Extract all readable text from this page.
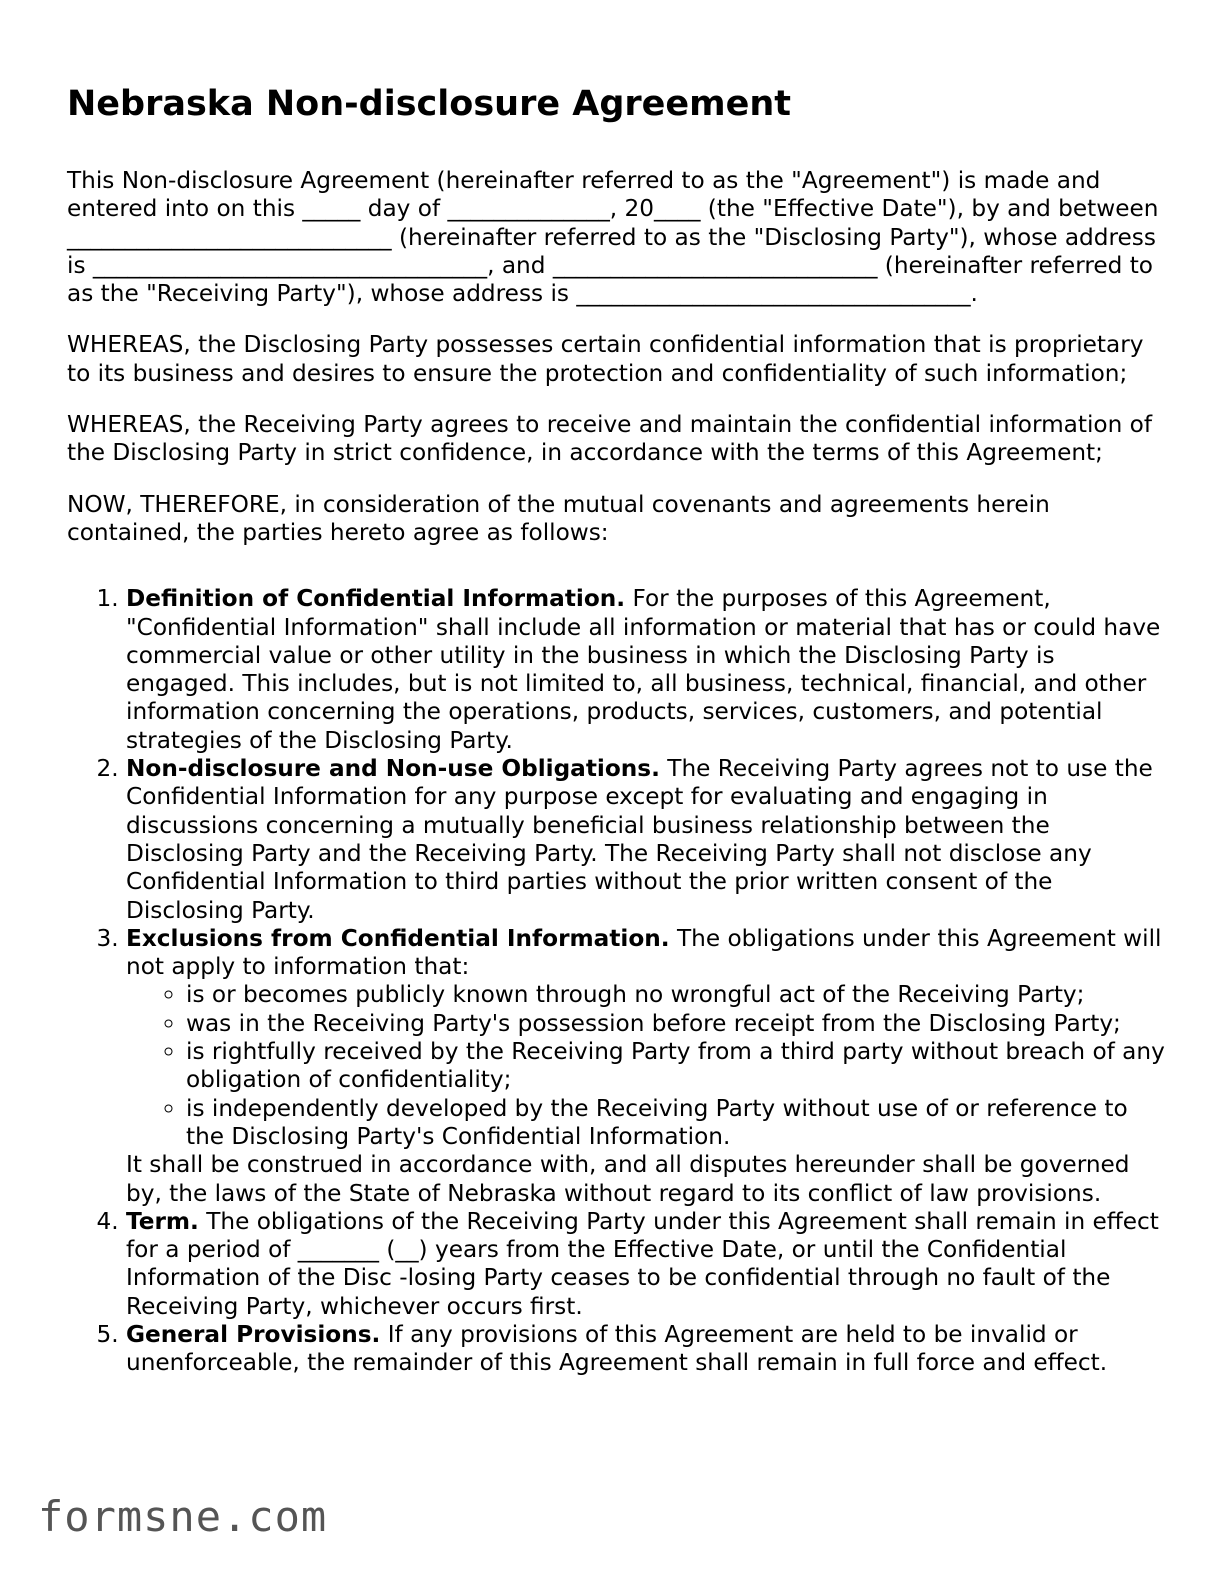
Nebraska Non-disclosure Agreement

This Non-disclosure Agreement (hereinafter referred to as the "Agreement") is made and entered into on this _____ day of ______________, 20____ (the "Effective Date"), by and between ____________________________ (hereinafter referred to as the "Disclosing Party"), whose address is __________________________________, and ____________________________ (hereinafter referred to as the "Receiving Party"), whose address is __________________________________.

WHEREAS, the Disclosing Party possesses certain confidential information that is proprietary to its business and desires to ensure the protection and confidentiality of such information;

WHEREAS, the Receiving Party agrees to receive and maintain the confidential information of the Disclosing Party in strict confidence, in accordance with the terms of this Agreement;

NOW, THEREFORE, in consideration of the mutual covenants and agreements herein contained, the parties hereto agree as follows:

1. Definition of Confidential Information. For the purposes of this Agreement, "Confidential Information" shall include all information or material that has or could have commercial value or other utility in the business in which the Disclosing Party is engaged. This includes, but is not limited to, all business, technical, financial, and other information concerning the operations, products, services, customers, and potential strategies of the Disclosing Party.
2. Non-disclosure and Non-use Obligations. The Receiving Party agrees not to use the Confidential Information for any purpose except for evaluating and engaging in discussions concerning a mutually beneficial business relationship between the Disclosing Party and the Receiving Party. The Receiving Party shall not disclose any Confidential Information to third parties without the prior written consent of the Disclosing Party.
3. Exclusions from Confidential Information. The obligations under this Agreement will not apply to information that:
◦ is or becomes publicly known through no wrongful act of the Receiving Party;
◦ was in the Receiving Party's possession before receipt from the Disclosing Party;
◦ is rightfully received by the Receiving Party from a third party without breach of any obligation of confidentiality;
◦ is independently developed by the Receiving Party without use of or reference to the Disclosing Party's Confidential Information.
It shall be construed in accordance with, and all disputes hereunder shall be governed by, the laws of the State of Nebraska without regard to its conflict of law provisions.
4. Term. The obligations of the Receiving Party under this Agreement shall remain in effect for a period of _______ (__) years from the Effective Date, or until the Confidential Information of the Disc -losing Party ceases to be confidential through no fault of the Receiving Party, whichever occurs first.
5. General Provisions. If any provisions of this Agreement are held to be invalid or unenforceable, the remainder of this Agreement shall remain in full force and effect.
formsne.com
